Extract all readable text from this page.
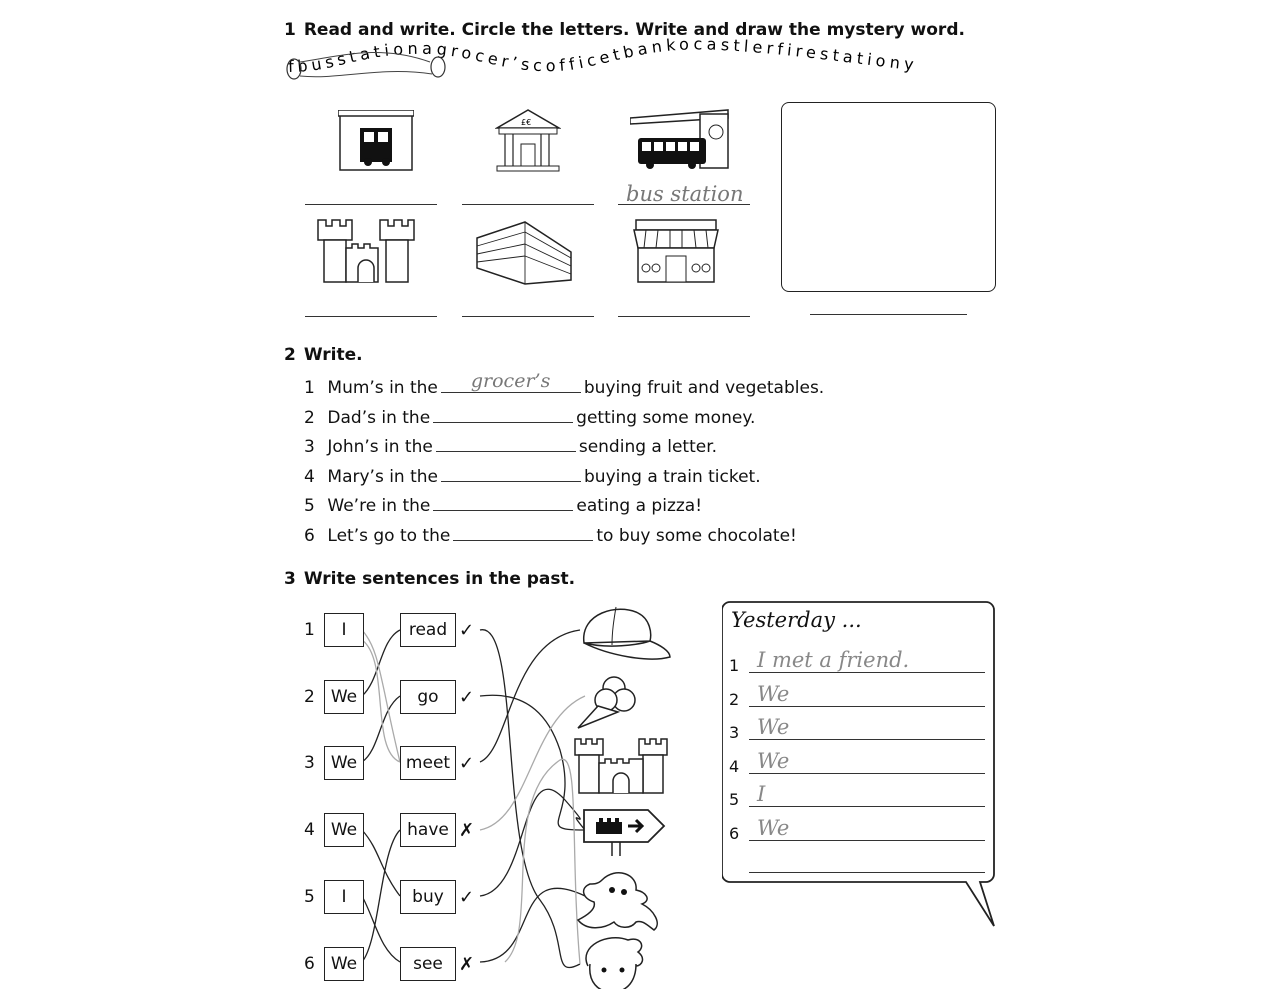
1 Read and write. Circle the letters. Write and draw the mystery word.
fbusstationagrocer’scofficetbankocastlerfirestationy
£€
bus station
2 Write.
1 Mum’s in the grocer’s buying fruit and vegetables.
2 Dad’s in the	getting some money.
3 John’s in the	sending a letter.
4 Mary’s in the	buying a train ticket.
5 We’re in the	eating a pizza!
6 Let’s go to the	to buy some chocolate!
3 Write sentences in the past.
1	I	read ✓
2 We	go	✓
3 We	meet ✓
4 We	have ✗
5	I	buy ✓
6 We	see ✗
Yesterday ...
1 I met a friend.
2 We
3 We
4 We
5 I
6 We
